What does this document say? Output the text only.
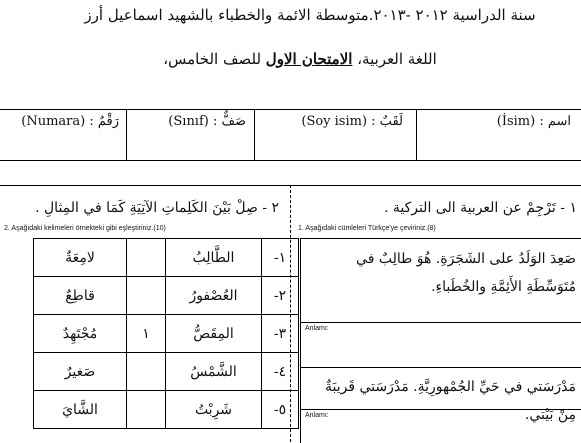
سنة الدراسية ٢٠١٢ -٢٠١٣.متوسطة الائمة والخطباء بالشهيد اسماعيل أرز
اللغة العربية، الامتحان الاول للصف الخامس،
اسم : (İsim)
لَقَبٌ : (Soy isim)
صَفٌّ : (Sınıf)
رَقْمٌ : (Numara)
١ - تَرْجِمْ عن العربية الى التركية .
1. Aşağıdaki cümleleri Türkçe'ye çeviriniz.(8)
صَعِدَ الوَلَدُ على الشَجَرَةِ. هُوَ طالِبٌ في مُتَوَسِّطَةِ الأَئِمَّةِ والخُطَباءِ.
Anlamı:
مَدْرَسَتي في حَيِّ الجُمْهورِيَّةِ. مَدْرَسَتي قَريبَةٌ مِنْ بَيْتي.
Anlamı:
٢ - صِلْ بَيْنَ الكَلِماتِ الآتِيَةِ كَمَا في المِثالِ .
2. Aşağıdaki kelimeleri örnekteki gibi eşleştiriniz.(10)
لامِعَةٌ		الطَّالِبُ	-١
قاطِعٌ		العُصْفورُ	-٢
مُجْتَهِدٌ	١	المِقَصُّ	-٣
صَغيرٌ		الشَّمْسُ	-٤
الشَّايَ		شَرِبْتُ	-٥
